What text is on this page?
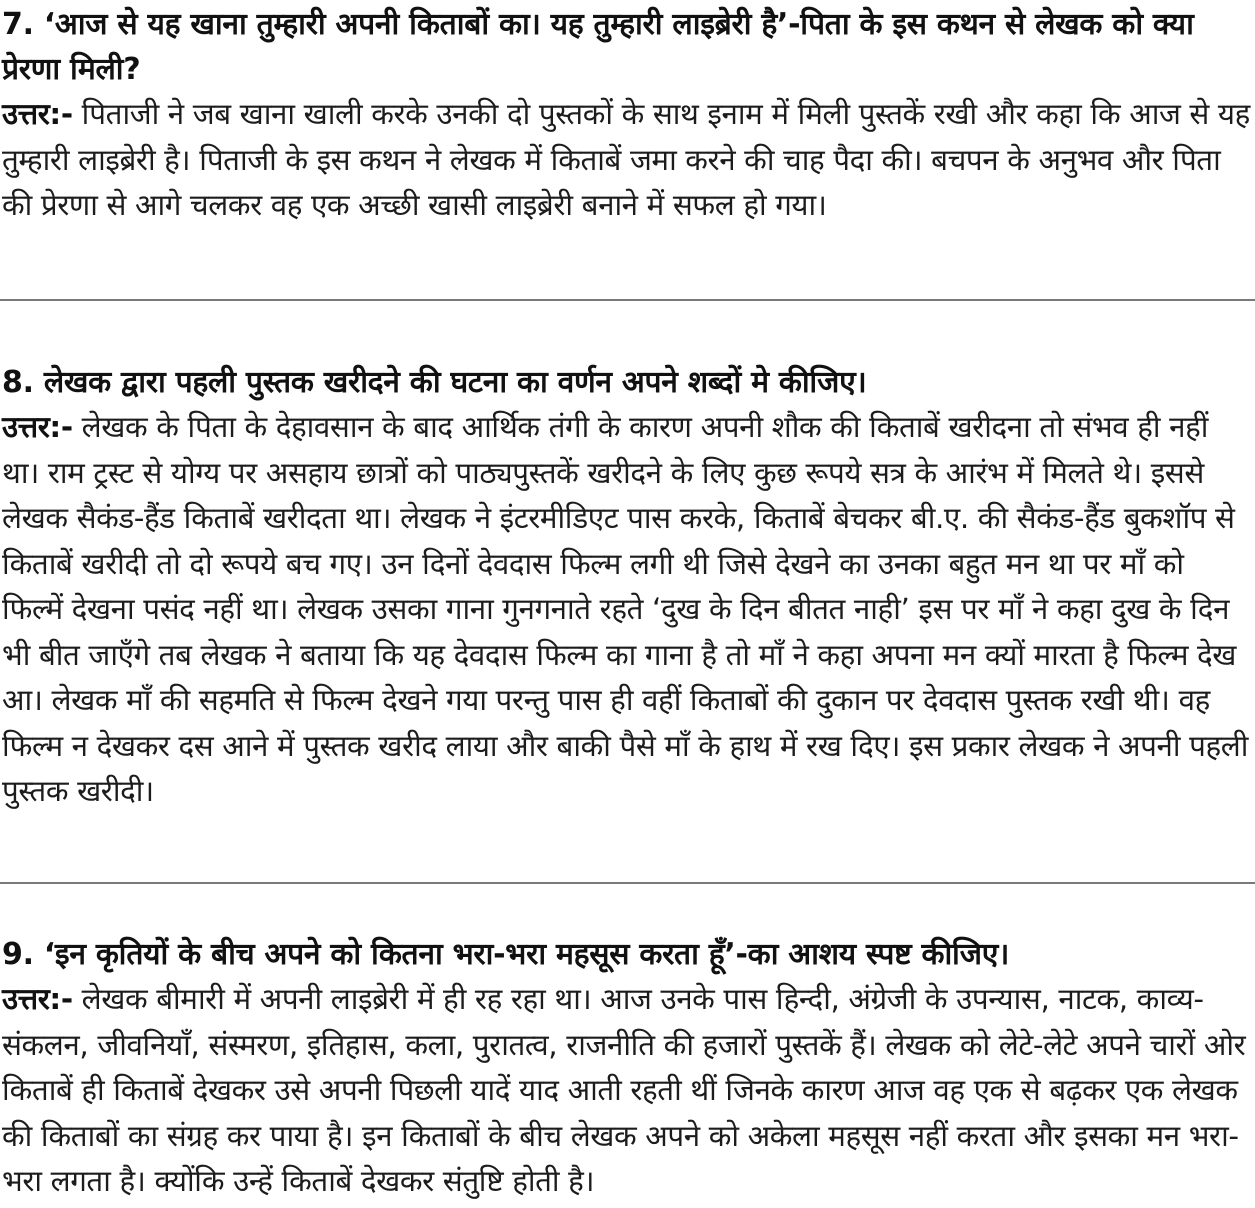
7. ‘आज से यह खाना तुम्हारी अपनी किताबों का। यह तुम्हारी लाइब्रेरी है’-पिता के इस कथन से लेखक को क्या प्रेरणा मिली?

उत्तर:- पिताजी ने जब खाना खाली करके उनकी दो पुस्तकों के साथ इनाम में मिली पुस्तकें रखी और कहा कि आज से यह तुम्हारी लाइब्रेरी है। पिताजी के इस कथन ने लेखक में किताबें जमा करने की चाह पैदा की। बचपन के अनुभव और पिता की प्रेरणा से आगे चलकर वह एक अच्छी खासी लाइब्रेरी बनाने में सफल हो गया।

8. लेखक द्वारा पहली पुस्तक खरीदने की घटना का वर्णन अपने शब्दों मे कीजिए।

उत्तर:- लेखक के पिता के देहावसान के बाद आर्थिक तंगी के कारण अपनी शौक की किताबें खरीदना तो संभव ही नहीं था। राम ट्रस्ट से योग्य पर असहाय छात्रों को पाठ्यपुस्तकें खरीदने के लिए कुछ रूपये सत्र के आरंभ में मिलते थे। इससे लेखक सैकंड-हैंड किताबें खरीदता था। लेखक ने इंटरमीडिएट पास करके, किताबें बेचकर बी.ए. की सैकंड-हैंड बुकशॉप से किताबें खरीदी तो दो रूपये बच गए। उन दिनों देवदास फिल्म लगी थी जिसे देखने का उनका बहुत मन था पर माँ को फिल्में देखना पसंद नहीं था। लेखक उसका गाना गुनगनाते रहते ‘दुख के दिन बीतत नाही’ इस पर माँ ने कहा दुख के दिन भी बीत जाएँगे तब लेखक ने बताया कि यह देवदास फिल्म का गाना है तो माँ ने कहा अपना मन क्यों मारता है फिल्म देख आ। लेखक माँ की सहमति से फिल्म देखने गया परन्तु पास ही वहीं किताबों की दुकान पर देवदास पुस्तक रखी थी। वह फिल्म न देखकर दस आने में पुस्तक खरीद लाया और बाकी पैसे माँ के हाथ में रख दिए। इस प्रकार लेखक ने अपनी पहली पुस्तक खरीदी।

9. ‘इन कृतियों के बीच अपने को कितना भरा-भरा महसूस करता हूँ’-का आशय स्पष्ट कीजिए।

उत्तर:- लेखक बीमारी में अपनी लाइब्रेरी में ही रह रहा था। आज उनके पास हिन्दी, अंग्रेजी के उपन्यास, नाटक, काव्य-संकलन, जीवनियाँ, संस्मरण, इतिहास, कला, पुरातत्व, राजनीति की हजारों पुस्तकें हैं। लेखक को लेटे-लेटे अपने चारों ओर किताबें ही किताबें देखकर उसे अपनी पिछली यादें याद आती रहती थीं जिनके कारण आज वह एक से बढ़कर एक लेखक की किताबों का संग्रह कर पाया है। इन किताबों के बीच लेखक अपने को अकेला महसूस नहीं करता और इसका मन भरा-भरा लगता है। क्योंकि उन्हें किताबें देखकर संतुष्टि होती है।
